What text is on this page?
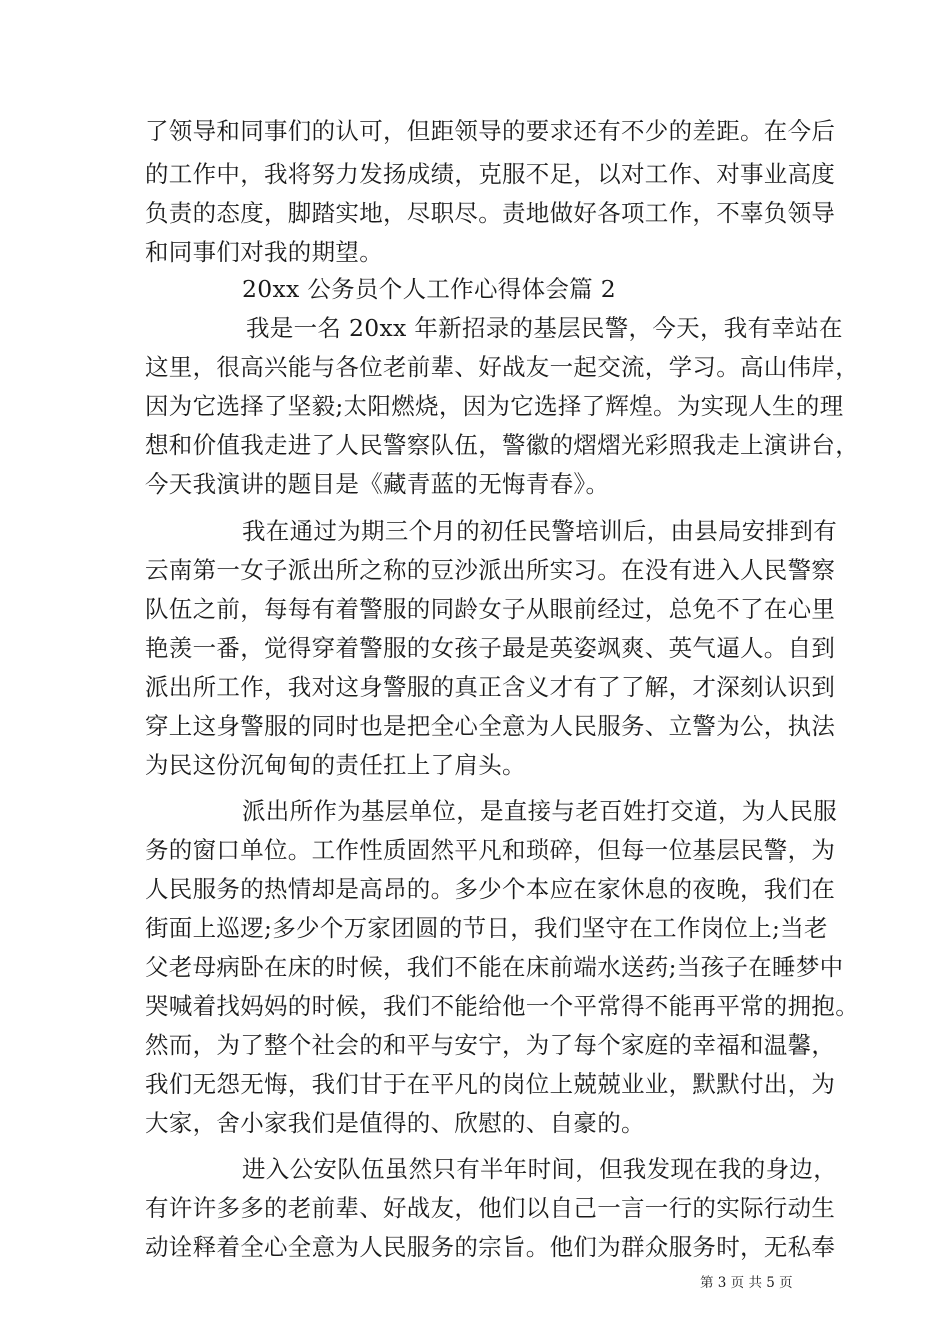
了领导和同事们的认可，但距领导的要求还有不少的差距。在今后
的工作中，我将努力发扬成绩，克服不足，以对工作、对事业高度
负责的态度，脚踏实地，尽职尽。责地做好各项工作，不辜负领导
和同事们对我的期望。
20xx 公务员个人工作心得体会篇 2
我是一名 20xx 年新招录的基层民警，今天，我有幸站在
这里，很高兴能与各位老前辈、好战友一起交流，学习。高山伟岸，
因为它选择了坚毅;太阳燃烧，因为它选择了辉煌。为实现人生的理
想和价值我走进了人民警察队伍，警徽的熠熠光彩照我走上演讲台，
今天我演讲的题目是《藏青蓝的无悔青春》。
我在通过为期三个月的初任民警培训后，由县局安排到有
云南第一女子派出所之称的豆沙派出所实习。在没有进入人民警察
队伍之前，每每有着警服的同龄女子从眼前经过，总免不了在心里
艳羡一番，觉得穿着警服的女孩子最是英姿飒爽、英气逼人。自到
派出所工作，我对这身警服的真正含义才有了了解，才深刻认识到
穿上这身警服的同时也是把全心全意为人民服务、立警为公，执法
为民这份沉甸甸的责任扛上了肩头。
派出所作为基层单位，是直接与老百姓打交道，为人民服
务的窗口单位。工作性质固然平凡和琐碎，但每一位基层民警，为
人民服务的热情却是高昂的。多少个本应在家休息的夜晚，我们在
街面上巡逻;多少个万家团圆的节日，我们坚守在工作岗位上;当老
父老母病卧在床的时候，我们不能在床前端水送药;当孩子在睡梦中
哭喊着找妈妈的时候，我们不能给他一个平常得不能再平常的拥抱。
然而，为了整个社会的和平与安宁，为了每个家庭的幸福和温馨，
我们无怨无悔，我们甘于在平凡的岗位上兢兢业业，默默付出，为
大家，舍小家我们是值得的、欣慰的、自豪的。
进入公安队伍虽然只有半年时间，但我发现在我的身边，
有许许多多的老前辈、好战友，他们以自己一言一行的实际行动生
动诠释着全心全意为人民服务的宗旨。他们为群众服务时，无私奉
第 3 页 共 5 页
